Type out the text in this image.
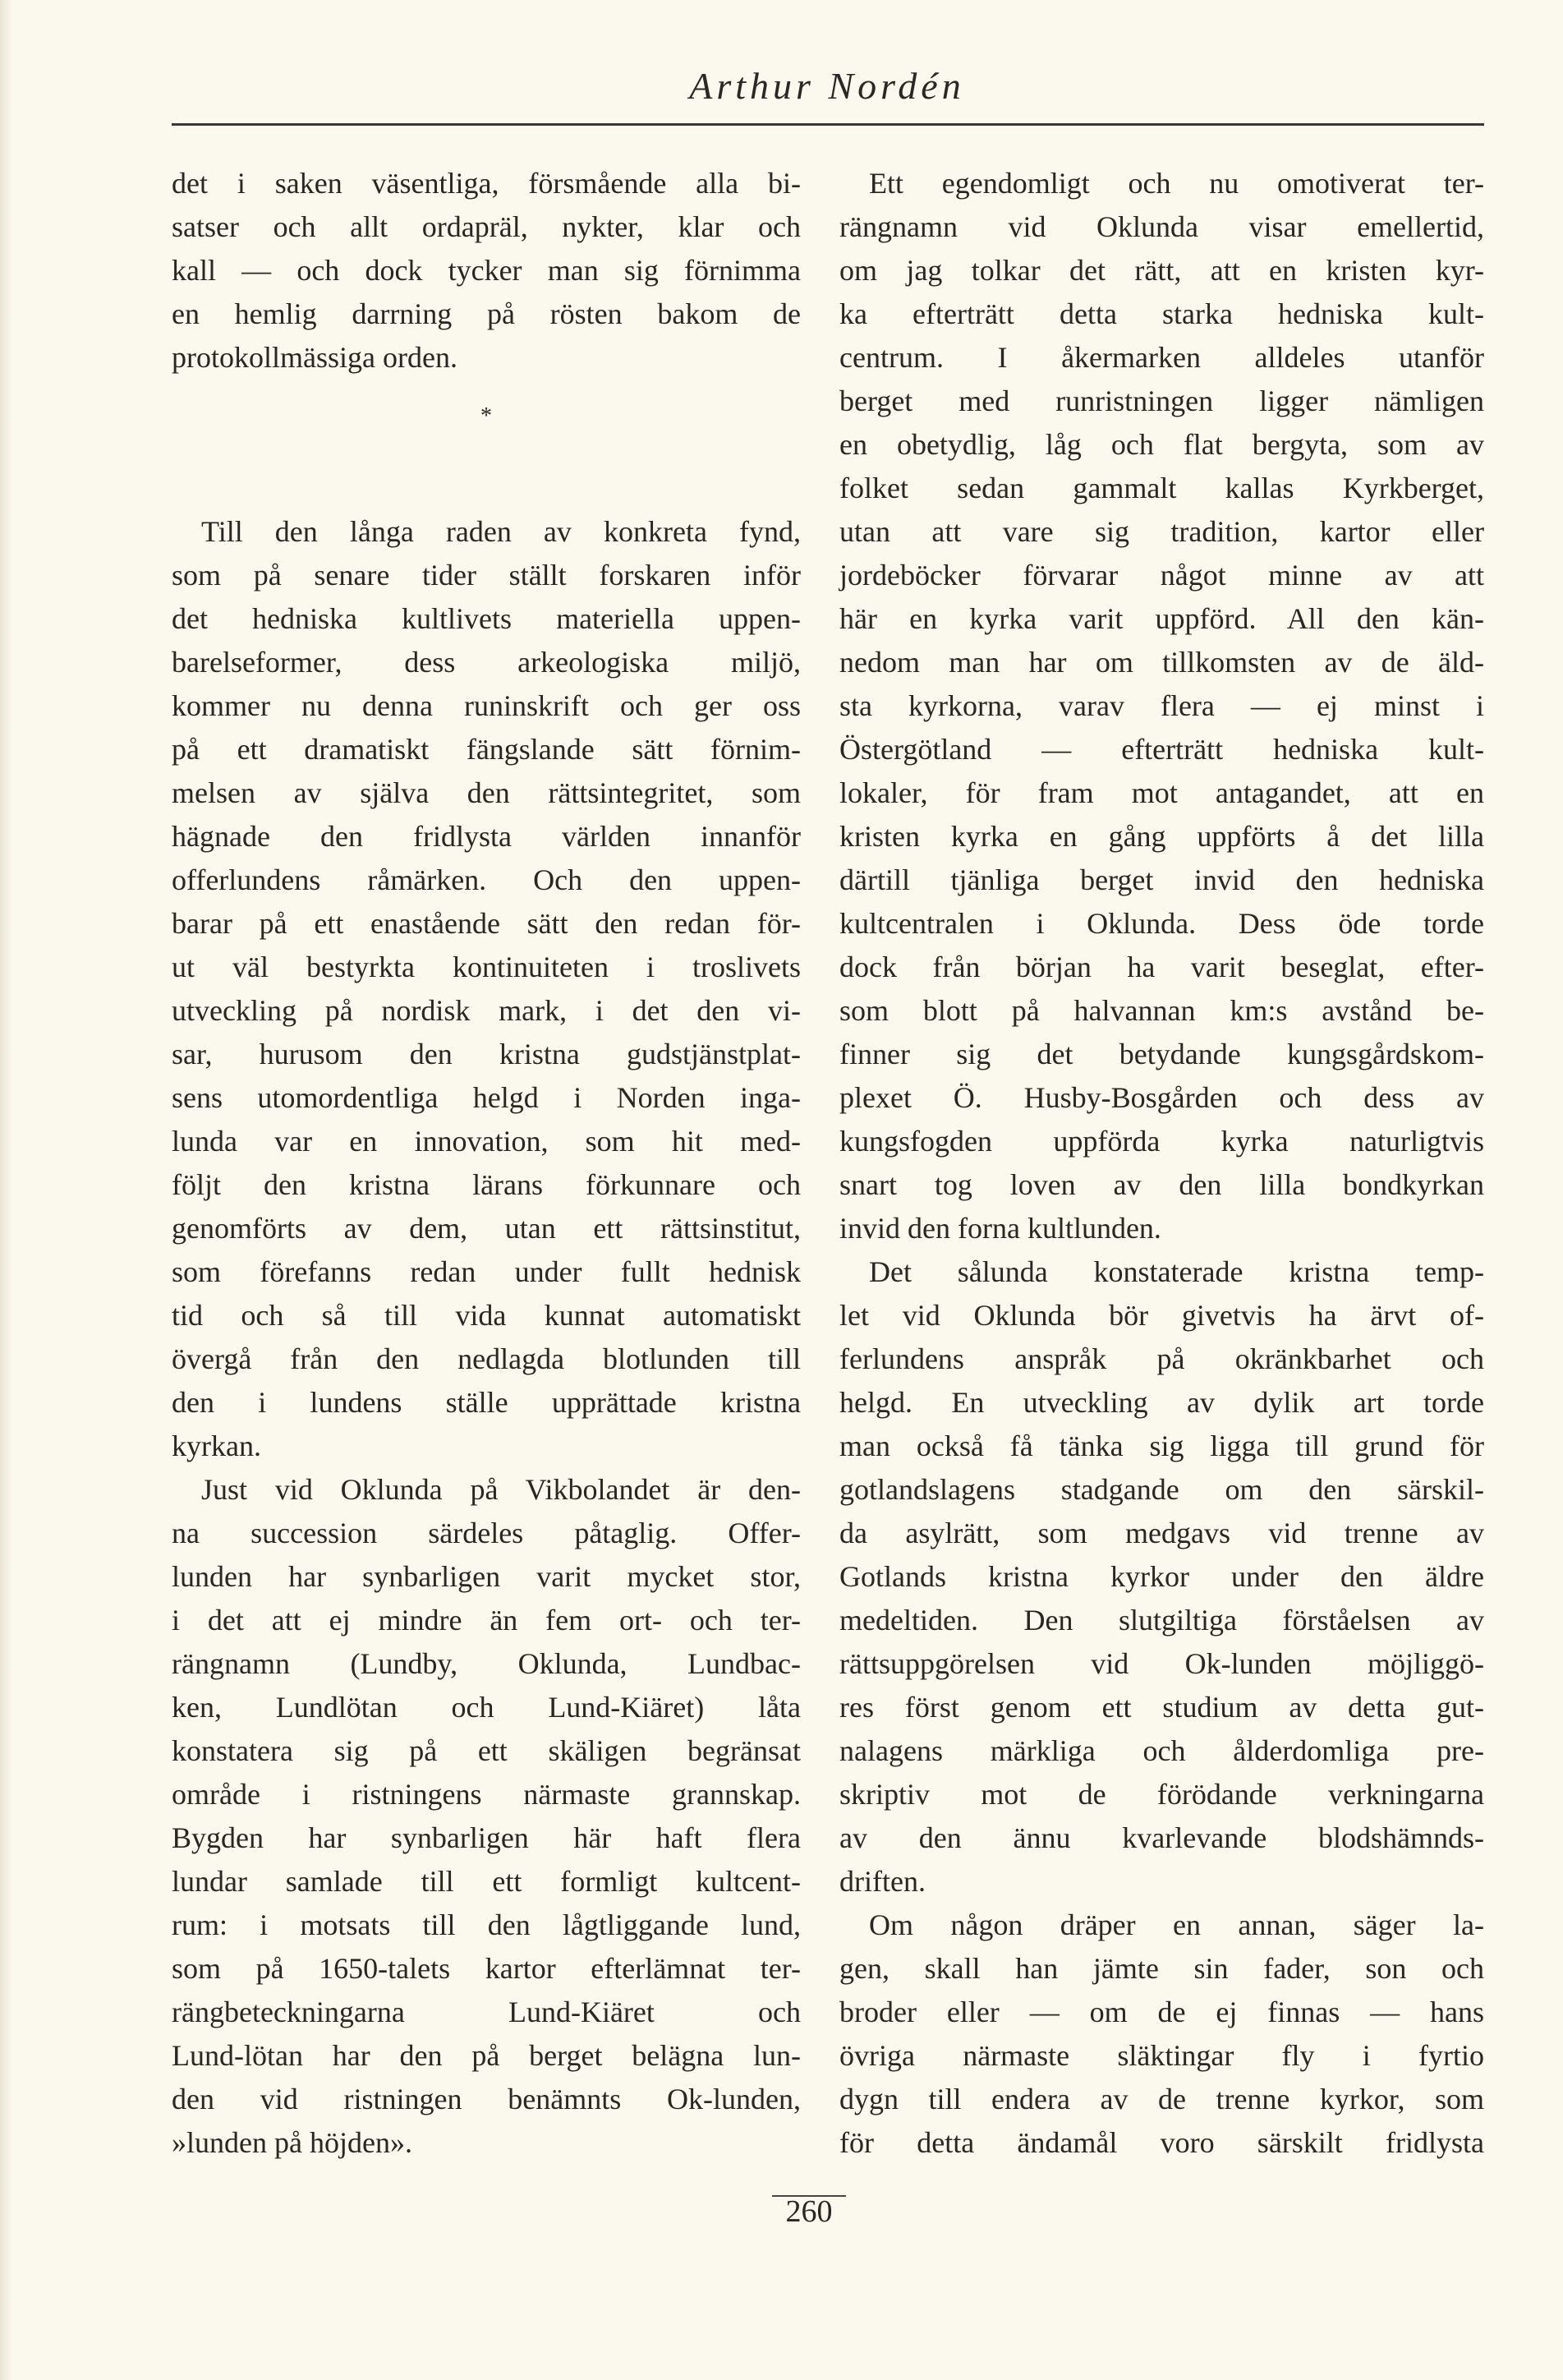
Arthur Nordén
det i saken väsentliga, försmående alla bi-
satser och allt ordapräl, nykter, klar och
kall — och dock tycker man sig förnimma
en hemlig darrning på rösten bakom de
protokollmässiga orden.
*
Till den långa raden av konkreta fynd,
som på senare tider ställt forskaren inför
det hedniska kultlivets materiella uppen-
barelseformer, dess arkeologiska miljö,
kommer nu denna runinskrift och ger oss
på ett dramatiskt fängslande sätt förnim-
melsen av själva den rättsintegritet, som
hägnade den fridlysta världen innanför
offerlundens råmärken. Och den uppen-
barar på ett enastående sätt den redan för-
ut väl bestyrkta kontinuiteten i troslivets
utveckling på nordisk mark, i det den vi-
sar, hurusom den kristna gudstjänstplat-
sens utomordentliga helgd i Norden inga-
lunda var en innovation, som hit med-
följt den kristna lärans förkunnare och
genomförts av dem, utan ett rättsinstitut,
som förefanns redan under fullt hednisk
tid och så till vida kunnat automatiskt
övergå från den nedlagda blotlunden till
den i lundens ställe upprättade kristna
kyrkan.
Just vid Oklunda på Vikbolandet är den-
na succession särdeles påtaglig. Offer-
lunden har synbarligen varit mycket stor,
i det att ej mindre än fem ort- och ter-
rängnamn (Lundby, Oklunda, Lundbac-
ken, Lundlötan och Lund-Kiäret) låta
konstatera sig på ett skäligen begränsat
område i ristningens närmaste grannskap.
Bygden har synbarligen här haft flera
lundar samlade till ett formligt kultcent-
rum: i motsats till den lågtliggande lund,
som på 1650-talets kartor efterlämnat ter-
rängbeteckningarna Lund-Kiäret och
Lund-lötan har den på berget belägna lun-
den vid ristningen benämnts Ok-lunden,
»lunden på höjden».
Ett egendomligt och nu omotiverat ter-
rängnamn vid Oklunda visar emellertid,
om jag tolkar det rätt, att en kristen kyr-
ka efterträtt detta starka hedniska kult-
centrum. I åkermarken alldeles utanför
berget med runristningen ligger nämligen
en obetydlig, låg och flat bergyta, som av
folket sedan gammalt kallas Kyrkberget,
utan att vare sig tradition, kartor eller
jordeböcker förvarar något minne av att
här en kyrka varit uppförd. All den kän-
nedom man har om tillkomsten av de äld-
sta kyrkorna, varav flera — ej minst i
Östergötland — efterträtt hedniska kult-
lokaler, för fram mot antagandet, att en
kristen kyrka en gång uppförts å det lilla
därtill tjänliga berget invid den hedniska
kultcentralen i Oklunda. Dess öde torde
dock från början ha varit beseglat, efter-
som blott på halvannan km:s avstånd be-
finner sig det betydande kungsgårdskom-
plexet Ö. Husby-Bosgården och dess av
kungsfogden uppförda kyrka naturligtvis
snart tog loven av den lilla bondkyrkan
invid den forna kultlunden.
Det sålunda konstaterade kristna temp-
let vid Oklunda bör givetvis ha ärvt of-
ferlundens anspråk på okränkbarhet och
helgd. En utveckling av dylik art torde
man också få tänka sig ligga till grund för
gotlandslagens stadgande om den särskil-
da asylrätt, som medgavs vid trenne av
Gotlands kristna kyrkor under den äldre
medeltiden. Den slutgiltiga förståelsen av
rättsuppgörelsen vid Ok-lunden möjliggö-
res först genom ett studium av detta gut-
nalagens märkliga och ålderdomliga pre-
skriptiv mot de förödande verkningarna
av den ännu kvarlevande blodshämnds-
driften.
Om någon dräper en annan, säger la-
gen, skall han jämte sin fader, son och
broder eller — om de ej finnas — hans
övriga närmaste släktingar fly i fyrtio
dygn till endera av de trenne kyrkor, som
för detta ändamål voro särskilt fridlysta
260
